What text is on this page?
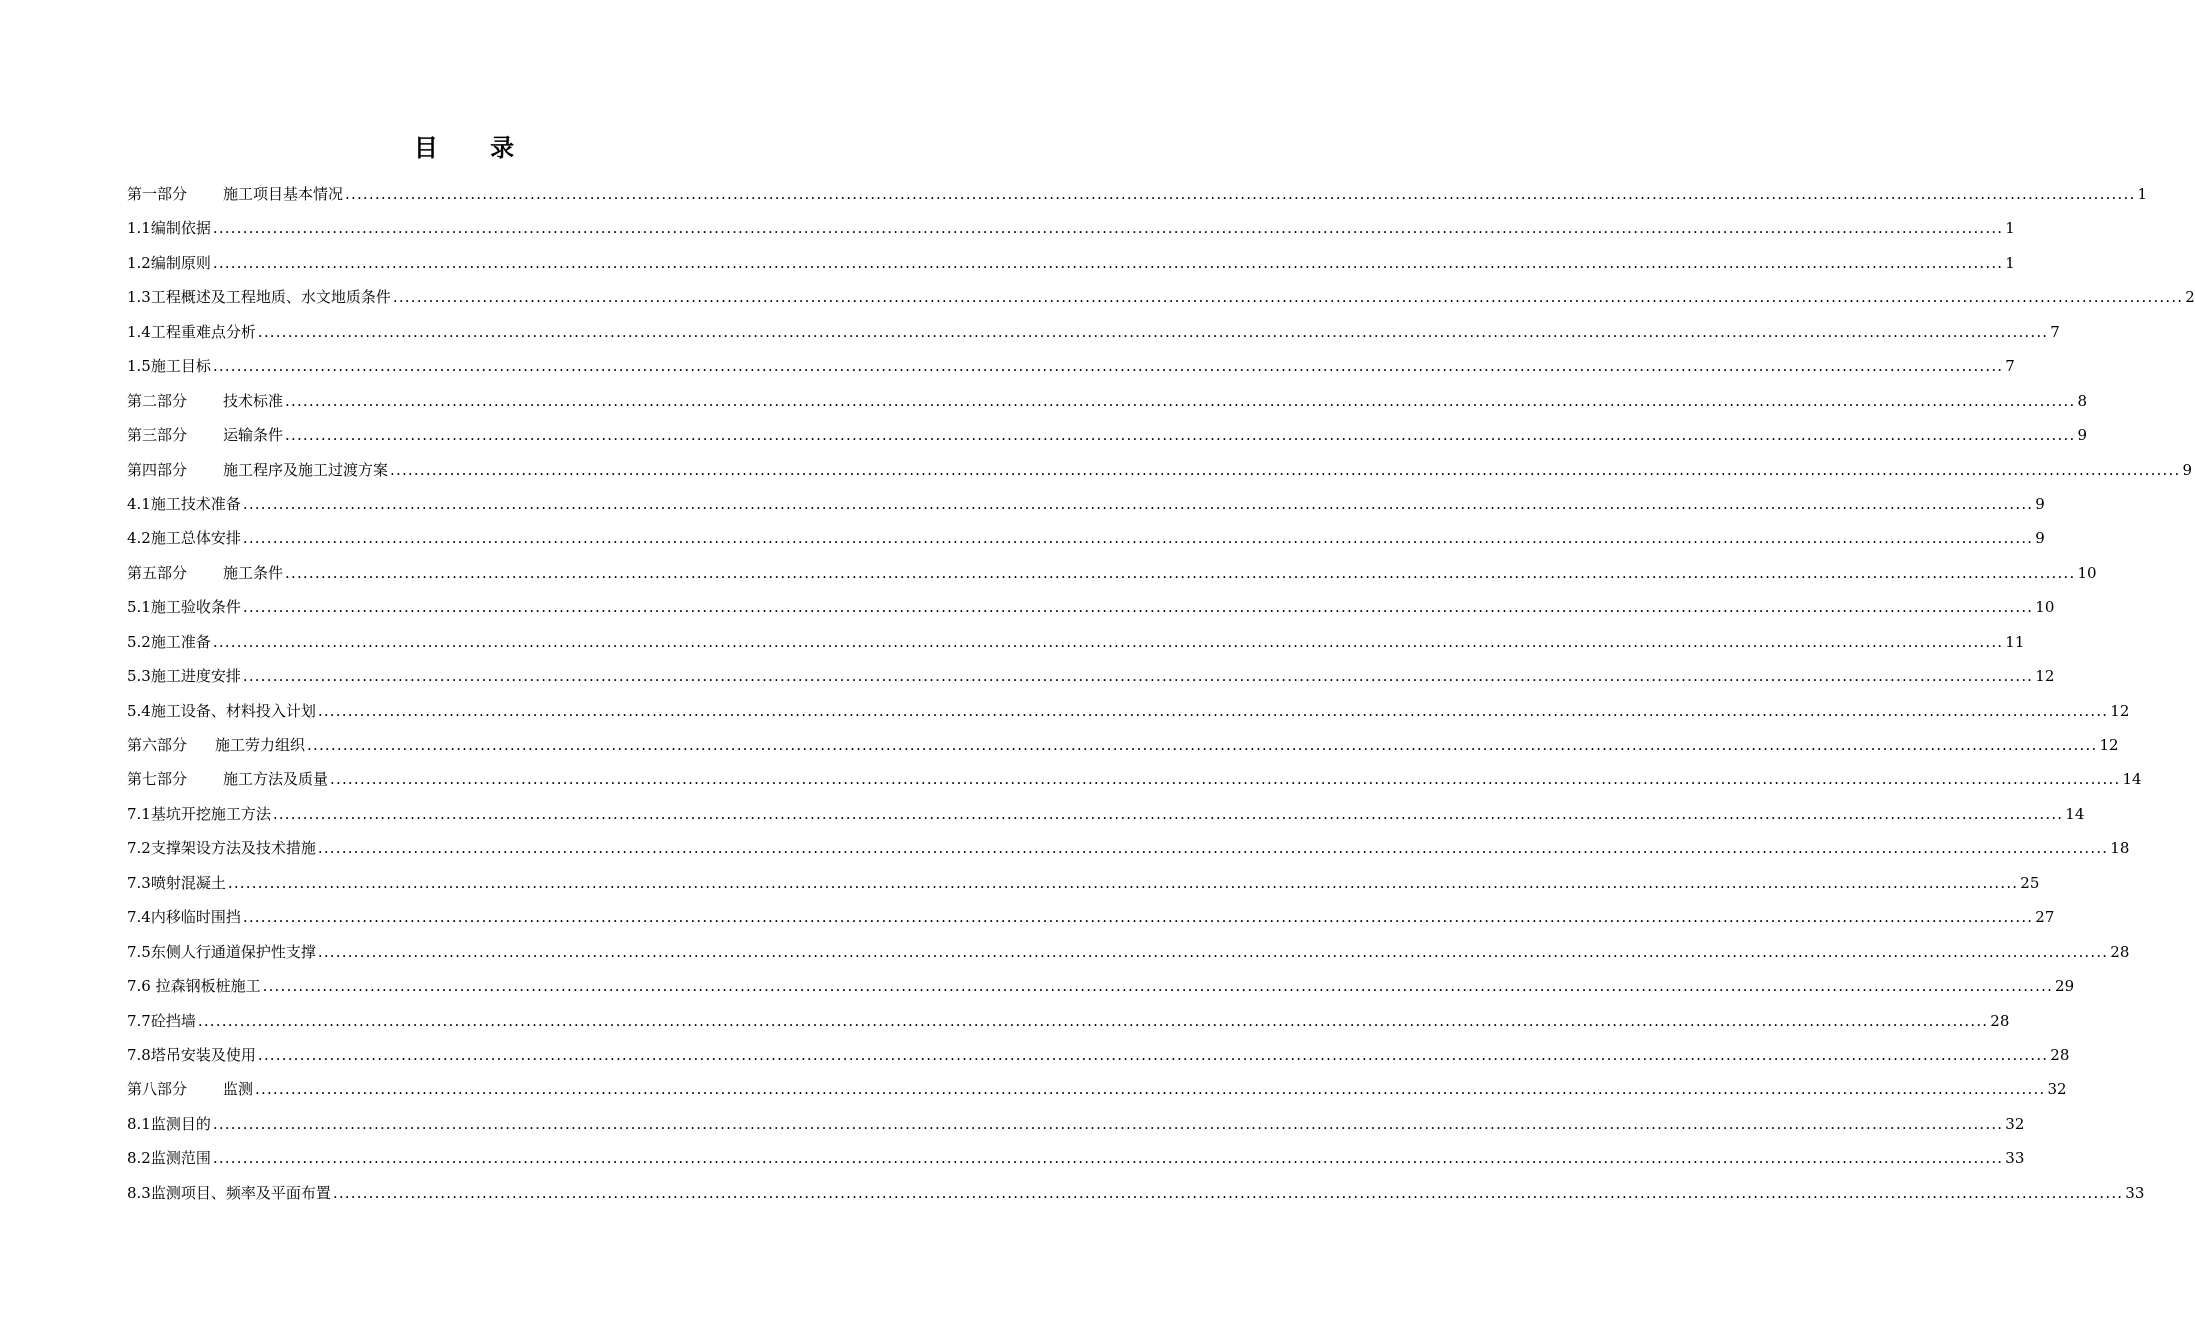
目 录
第一部分	施工项目基本情况 ............................................................................................................................................................................................................................................................................................................ 1
1.1编制依据 ............................................................................................................................................................................................................................................................................................................ 1
1.2编制原则 ............................................................................................................................................................................................................................................................................................................ 1
1.3工程概述及工程地质、水文地质条件 ............................................................................................................................................................................................................................................................................................................ 2
1.4工程重难点分析 ............................................................................................................................................................................................................................................................................................................ 7
1.5施工目标 ............................................................................................................................................................................................................................................................................................................ 7
第二部分	技术标准 ............................................................................................................................................................................................................................................................................................................ 8
第三部分	运输条件 ............................................................................................................................................................................................................................................................................................................ 9
第四部分	施工程序及施工过渡方案 ............................................................................................................................................................................................................................................................................................................ 9
4.1施工技术准备 ............................................................................................................................................................................................................................................................................................................ 9
4.2施工总体安排 ............................................................................................................................................................................................................................................................................................................ 9
第五部分	施工条件 ............................................................................................................................................................................................................................................................................................................ 10
5.1施工验收条件 ............................................................................................................................................................................................................................................................................................................ 10
5.2施工准备 ............................................................................................................................................................................................................................................................................................................ 11
5.3施工进度安排 ............................................................................................................................................................................................................................................................................................................ 12
5.4施工设备、材料投入计划 ............................................................................................................................................................................................................................................................................................................ 12
第六部分	施工劳力组织 ............................................................................................................................................................................................................................................................................................................ 12
第七部分	施工方法及质量 ............................................................................................................................................................................................................................................................................................................ 14
7.1基坑开挖施工方法 ............................................................................................................................................................................................................................................................................................................ 14
7.2支撑架设方法及技术措施 ............................................................................................................................................................................................................................................................................................................ 18
7.3喷射混凝土 ............................................................................................................................................................................................................................................................................................................ 25
7.4内移临时围挡 ............................................................................................................................................................................................................................................................................................................ 27
7.5东侧人行通道保护性支撑 ............................................................................................................................................................................................................................................................................................................ 28
7.6 拉森钢板桩施工 ............................................................................................................................................................................................................................................................................................................ 29
7.7砼挡墙 ............................................................................................................................................................................................................................................................................................................ 28
7.8塔吊安装及使用 ............................................................................................................................................................................................................................................................................................................ 28
第八部分	监测 ............................................................................................................................................................................................................................................................................................................ 32
8.1监测目的 ............................................................................................................................................................................................................................................................................................................ 32
8.2监测范围 ............................................................................................................................................................................................................................................................................................................ 33
8.3监测项目、频率及平面布置 ............................................................................................................................................................................................................................................................................................................ 33
